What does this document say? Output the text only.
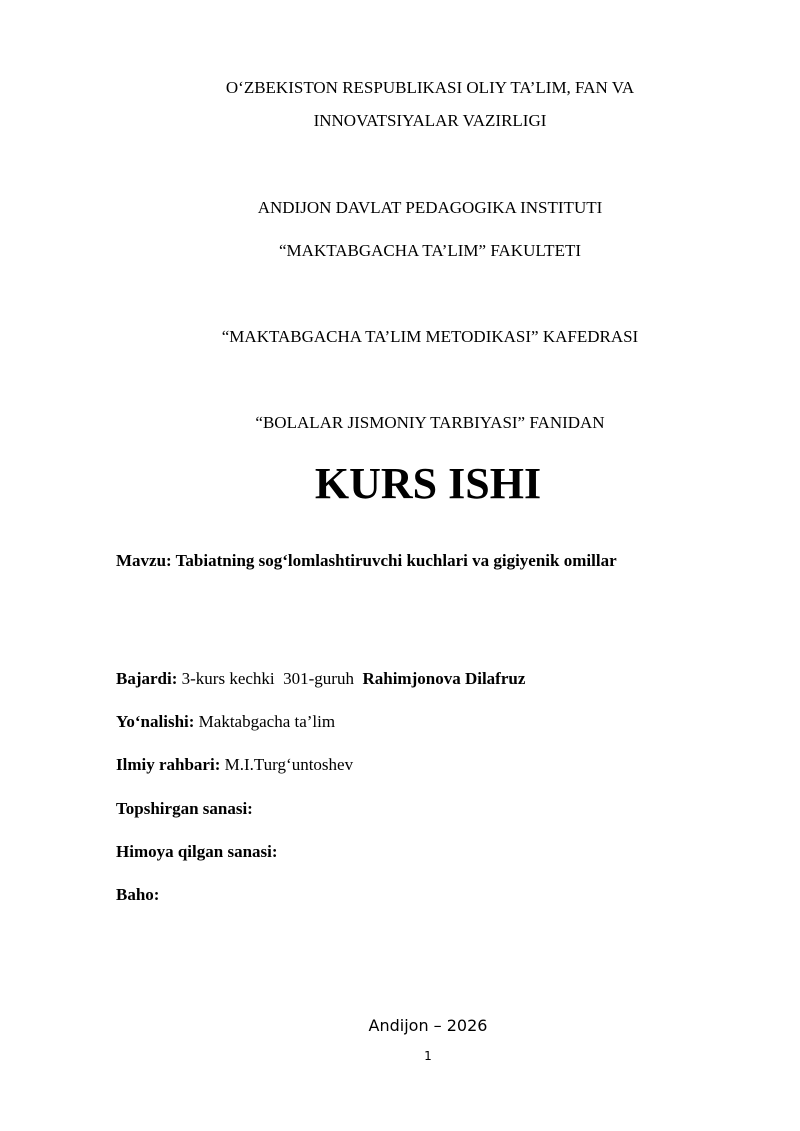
O‘ZBEKISTON RESPUBLIKASI OLIY TA’LIM, FAN VA
INNOVATSIYALAR VAZIRLIGI
ANDIJON DAVLAT PEDAGOGIKA INSTITUTI
“MAKTABGACHA TA’LIM” FAKULTETI
“MAKTABGACHA TA’LIM METODIKASI” KAFEDRASI
“BOLALAR JISMONIY TARBIYASI” FANIDAN
KURS ISHI
Mavzu: Tabiatning sog‘lomlashtiruvchi kuchlari va gigiyenik omillar
Bajardi: 3-kurs kechki  301-guruh  Rahimjonova Dilafruz
Yo‘nalishi: Maktabgacha ta’lim
Ilmiy rahbari: M.I.Turg‘untoshev
Topshirgan sanasi:
Himoya qilgan sanasi:
Baho:
Andijon – 2026
1
